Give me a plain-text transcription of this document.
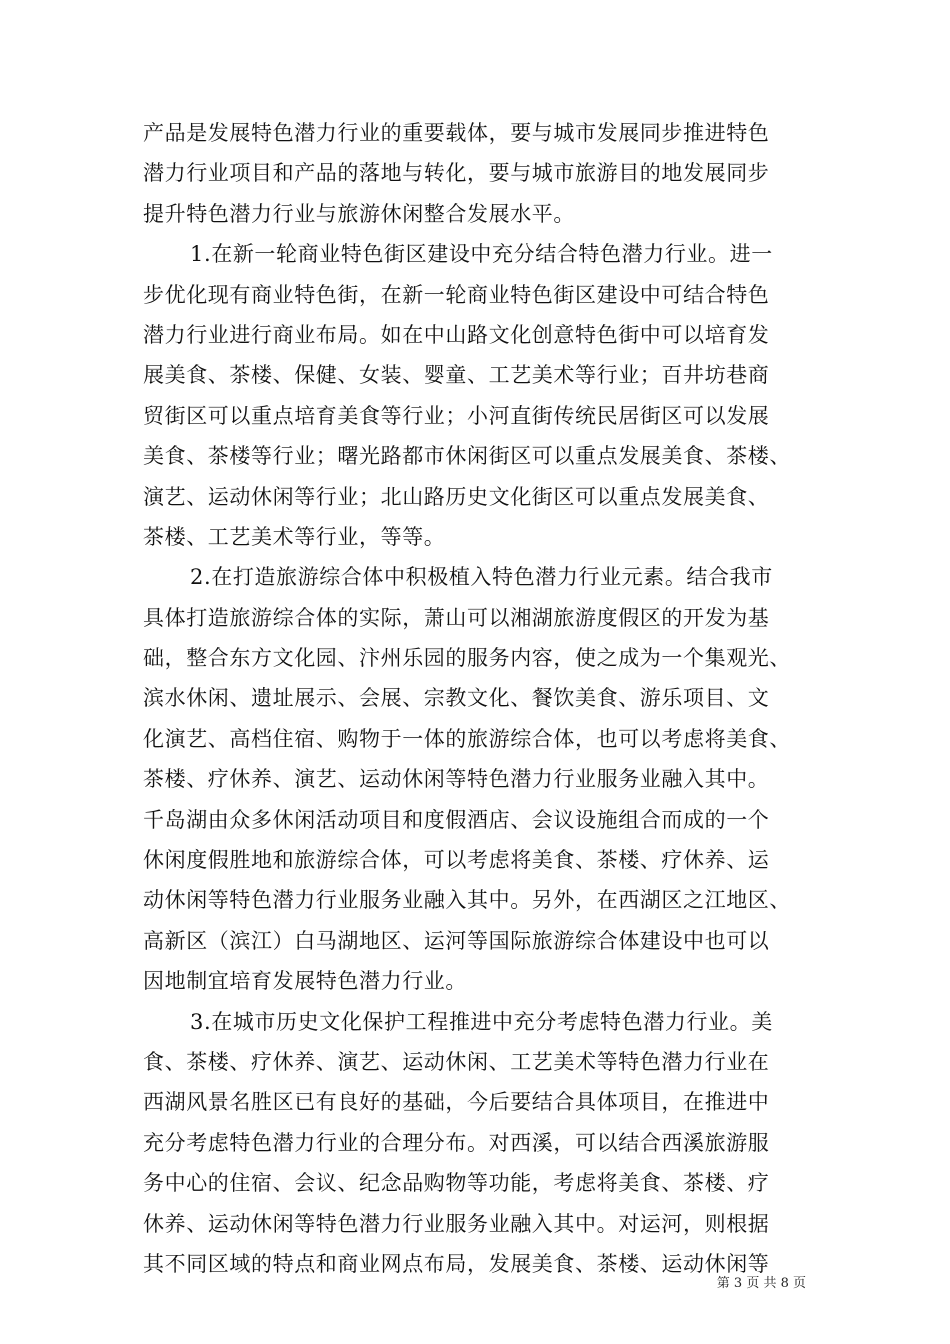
产品是发展特色潜力行业的重要载体，要与城市发展同步推进特色
潜力行业项目和产品的落地与转化，要与城市旅游目的地发展同步
提升特色潜力行业与旅游休闲整合发展水平。
1.在新一轮商业特色街区建设中充分结合特色潜力行业。进一
步优化现有商业特色街，在新一轮商业特色街区建设中可结合特色
潜力行业进行商业布局。如在中山路文化创意特色街中可以培育发
展美食、茶楼、保健、女装、婴童、工艺美术等行业；百井坊巷商
贸街区可以重点培育美食等行业；小河直街传统民居街区可以发展
美食、茶楼等行业；曙光路都市休闲街区可以重点发展美食、茶楼、
演艺、运动休闲等行业；北山路历史文化街区可以重点发展美食、
茶楼、工艺美术等行业，等等。
2.在打造旅游综合体中积极植入特色潜力行业元素。结合我市
具体打造旅游综合体的实际，萧山可以湘湖旅游度假区的开发为基
础，整合东方文化园、汴州乐园的服务内容，使之成为一个集观光、
滨水休闲、遗址展示、会展、宗教文化、餐饮美食、游乐项目、文
化演艺、高档住宿、购物于一体的旅游综合体，也可以考虑将美食、
茶楼、疗休养、演艺、运动休闲等特色潜力行业服务业融入其中。
千岛湖由众多休闲活动项目和度假酒店、会议设施组合而成的一个
休闲度假胜地和旅游综合体，可以考虑将美食、茶楼、疗休养、运
动休闲等特色潜力行业服务业融入其中。另外，在西湖区之江地区、
高新区（滨江）白马湖地区、运河等国际旅游综合体建设中也可以
因地制宜培育发展特色潜力行业。
3.在城市历史文化保护工程推进中充分考虑特色潜力行业。美
食、茶楼、疗休养、演艺、运动休闲、工艺美术等特色潜力行业在
西湖风景名胜区已有良好的基础，今后要结合具体项目，在推进中
充分考虑特色潜力行业的合理分布。对西溪，可以结合西溪旅游服
务中心的住宿、会议、纪念品购物等功能，考虑将美食、茶楼、疗
休养、运动休闲等特色潜力行业服务业融入其中。对运河，则根据
其不同区域的特点和商业网点布局，发展美食、茶楼、运动休闲等
第 3 页 共 8 页
